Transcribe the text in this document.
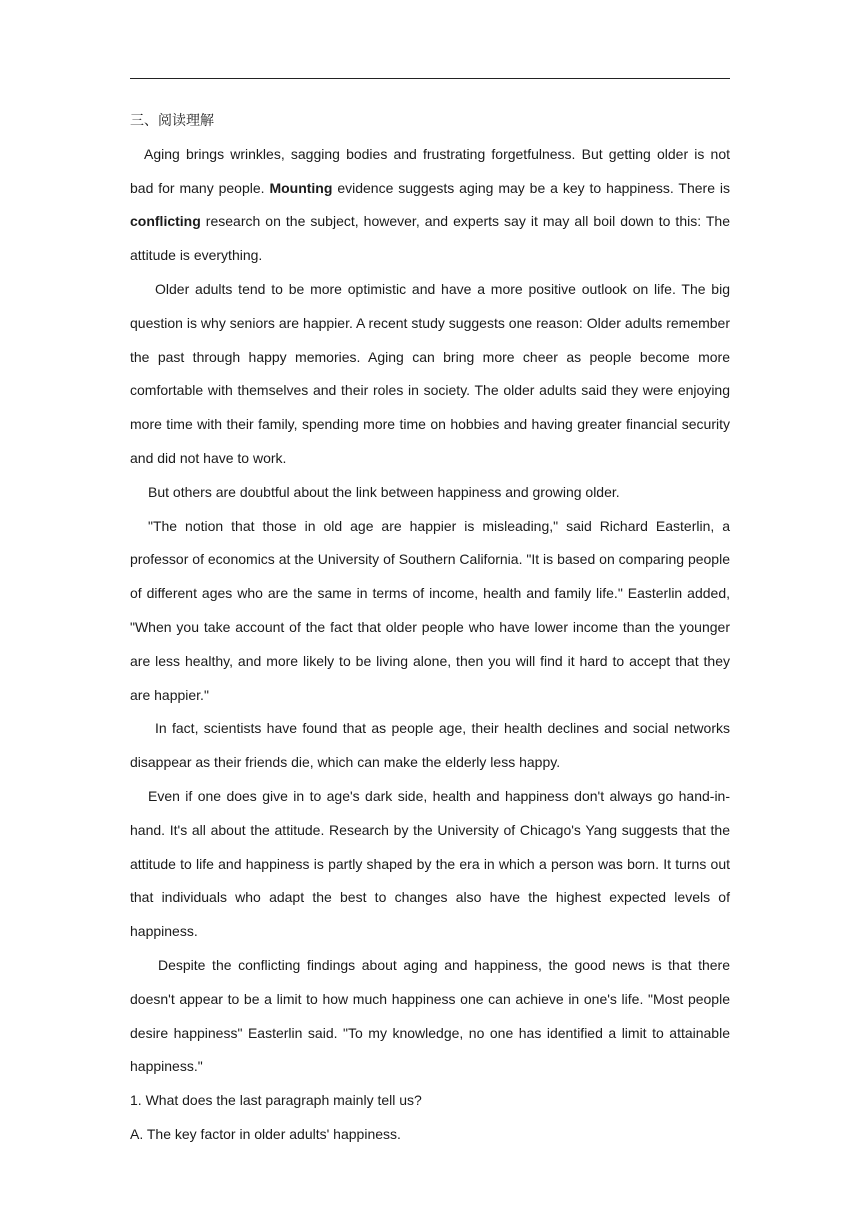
三、阅读理解

Aging brings wrinkles, sagging bodies and frustrating forgetfulness. But getting older is not bad for many people. Mounting evidence suggests aging may be a key to happiness. There is conflicting research on the subject, however, and experts say it may all boil down to this: The attitude is everything.

Older adults tend to be more optimistic and have a more positive outlook on life. The big question is why seniors are happier. A recent study suggests one reason: Older adults remember the past through happy memories. Aging can bring more cheer as people become more comfortable with themselves and their roles in society. The older adults said they were enjoying more time with their family, spending more time on hobbies and having greater financial security and did not have to work.

But others are doubtful about the link between happiness and growing older.

"The notion that those in old age are happier is misleading," said Richard Easterlin, a professor of economics at the University of Southern California. "It is based on comparing people of different ages who are the same in terms of income, health and family life." Easterlin added, "When you take account of the fact that older people who have lower income than the younger are less healthy, and more likely to be living alone, then you will find it hard to accept that they are happier."

In fact, scientists have found that as people age, their health declines and social networks disappear as their friends die, which can make the elderly less happy.

Even if one does give in to age's dark side, health and happiness don't always go hand-in-hand. It's all about the attitude. Research by the University of Chicago's Yang suggests that the attitude to life and happiness is partly shaped by the era in which a person was born. It turns out that individuals who adapt the best to changes also have the highest expected levels of happiness.

Despite the conflicting findings about aging and happiness, the good news is that there doesn't appear to be a limit to how much happiness one can achieve in one's life. "Most people desire happiness" Easterlin said. "To my knowledge, no one has identified a limit to attainable happiness."

1. What does the last paragraph mainly tell us?

A. The key factor in older adults' happiness.
